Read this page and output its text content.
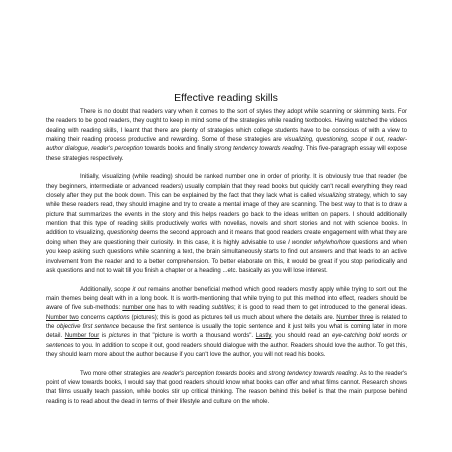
Effective reading skills

There is no doubt that readers vary when it comes to the sort of styles they adopt while scanning or skimming texts. For the readers to be good readers, they ought to keep in mind some of the strategies while reading textbooks. Having watched the videos dealing with reading skills, I learnt that there are plenty of strategies which college students have to be conscious of with a view to making their reading process productive and rewarding. Some of these strategies are visualizing, questioning, scope it out, reader-author dialogue, reader's perception towards books and finally strong tendency towards reading. This five-paragraph essay will expose these strategies respectively.

Initially, visualizing (while reading) should be ranked number one in order of priority. It is obviously true that reader (be they beginners, intermediate or advanced readers) usually complain that they read books but quickly can't recall everything they read closely after they put the book down. This can be explained by the fact that they lack what is called visualizing strategy, which to say while these readers read, they should imagine and try to create a mental image of they are scanning. The best way to that is to draw a picture that summarizes the events in the story and this helps readers go back to the ideas written on papers. I should additionally mention that this type of reading skills productively works with novellas, novels and short stories and not with science books. In addition to visualizing, questioning deems the second approach and it means that good readers create engagement with what they are doing when they are questioning their curiosity. In this case, it is highly advisable to use I wonder why/who/how questions and when you keep asking such questions while scanning a text, the brain simultaneously starts to find out answers and that leads to an active involvement from the reader and to a better comprehension. To better elaborate on this, it would be great if you stop periodically and ask questions and not to wait till you finish a chapter or a heading ...etc. basically as you will lose interest.

Additionally, scope it out remains another beneficial method which good readers mostly apply while trying to sort out the main themes being dealt with in a long book. It is worth-mentioning that while trying to put this method into effect, readers should be aware of five sub-methods: number one has to with reading subtitles; it is good to read them to get introduced to the general ideas. Number two concerns captions (pictures); this is good as pictures tell us much about where the details are. Number three is related to the objective first sentence because the first sentence is usually the topic sentence and it just tells you what is coming later in more detail. Number four is pictures in that "picture is worth a thousand words". Lastly, you should read an eye-catching bold words or sentences to you. In addition to scope it out, good readers should dialogue with the author. Readers should love the author. To get this, they should learn more about the author because if you can't love the author, you will not read his books.

Two more other strategies are reader's perception towards books and strong tendency towards reading. As to the reader's point of view towards books, I would say that good readers should know what books can offer and what films cannot. Research shows that films usually teach passion, while books stir up critical thinking. The reason behind this belief is that the main purpose behind reading is to read about the dead in terms of their lifestyle and culture on the whole.
